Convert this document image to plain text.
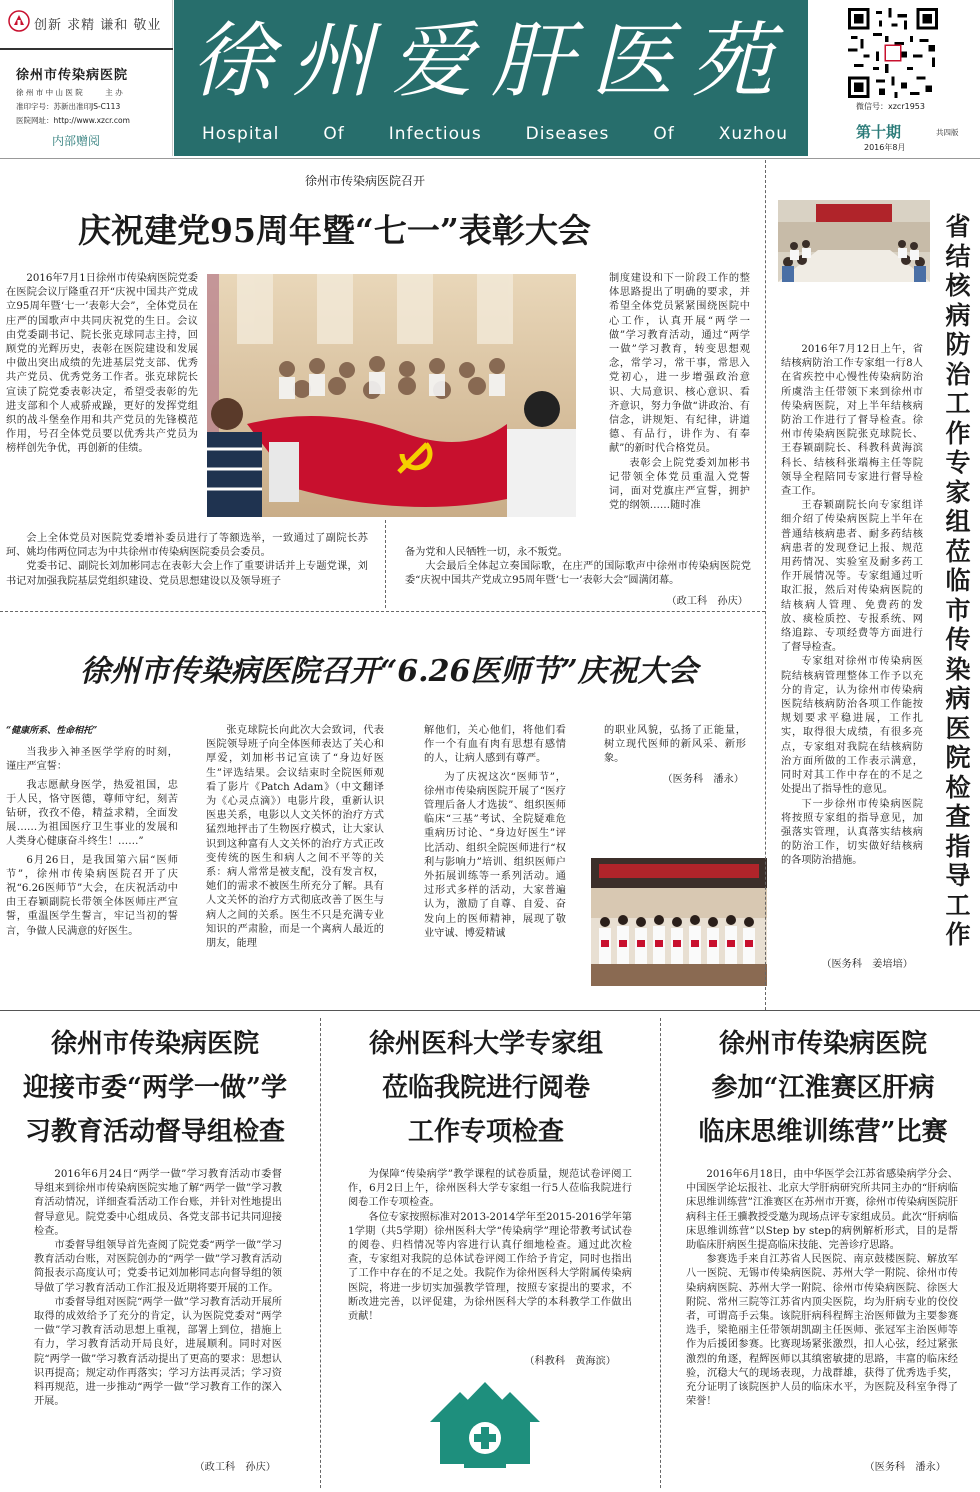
创新 求精 谦和 敬业
徐州市传染病医院
徐 州 市 中 山 医 院　　　主 办
准印字号：苏新出准印JS-C113
医院网址：http://www.xzcr.com
内部赠阅
徐州爱肝医苑
Hospital	Of	Infectious	Diseases	Of	Xuzhou
微信号：xzcr1953
第十期	共四版
2016年8月
徐州市传染病医院召开
庆祝建党95周年暨“七一”表彰大会

2016年7月1日徐州市传染病医院党委在医院会议厅隆重召开“庆祝中国共产党成立95周年暨‘七一’表彰大会”，全体党员在庄严的国歌声中共同庆祝党的生日。会议由党委副书记、院长张克球同志主持，回顾党的光辉历史，表彰在医院建设和发展中做出突出成绩的先进基层党支部、优秀共产党员、优秀党务工作者。张克球院长宣读了院党委表彰决定，希望受表彰的先进支部和个人戒骄戒躁，更好的发挥党组织的战斗堡垒作用和共产党员的先锋模范作用，号召全体党员要以优秀共产党员为榜样创先争优，再创新的佳绩。

会上全体党员对医院党委增补委员进行了等额选举，一致通过了副院长苏珂、姚均伟两位同志为中共徐州市传染病医院委员会委员。

党委书记、副院长刘加彬同志在表彰大会上作了重要讲话并上专题党课，刘书记对加强我院基层党组织建设、党员思想建设以及领导班子

制度建设和下一阶段工作的整体思路提出了明确的要求，并希望全体党员紧紧围绕医院中心工作，认真开展“两学一做”学习教育活动，通过“两学一做”学习教育，转变思想观念，常学习，常干事，常思入党初心，进一步增强政治意识、大局意识、核心意识、看齐意识，努力争做“讲政治、有信念，讲规矩、有纪律，讲道德、有品行，讲作为、有奉献”的新时代合格党员。

表彰会上院党委刘加彬书记带领全体党员重温入党誓词，面对党旗庄严宣誓，拥护党的纲领……随时准

备为党和人民牺牲一切，永不叛党。

大会最后全体起立奏国际歌，在庄严的国际歌声中徐州市传染病医院党委“庆祝中国共产党成立95周年暨‘七一’表彰大会”圆满闭幕。

（政工科　孙庆）
徐州市传染病医院召开“6.26医师节”庆祝大会

“健康所系、性命相托”

当我步入神圣医学学府的时刻，谨庄严宣誓：

我志愿献身医学，热爱祖国，忠于人民，恪守医德，尊师守纪，刻苦钻研，孜孜不倦，精益求精，全面发展……为祖国医疗卫生事业的发展和人类身心健康奋斗终生！……”

6月26日，是我国第六届“医师节”，徐州市传染病医院召开了庆祝“6.26医师节”大会，在庆祝活动中由王春颖副院长带领全体医师庄严宣誓，重温医学生誓言，牢记当初的誓言，争做人民满意的好医生。

张克球院长向此次大会致词，代表医院领导班子向全体医师表达了关心和厚爱，刘加彬书记宣读了“身边好医生”评选结果。会议结束时全院医师观看了影片《Patch Adam》（中文翻译为《心灵点滴》）电影片段，重新认识医患关系，电影以人文关怀的治疗方式猛烈地抨击了生物医疗模式，让大家认识到这种富有人文关怀的治疗方式正改变传统的医生和病人之间不平等的关系：病人常常是被支配，没有发言权，她们的需求不被医生所充分了解。具有人文关怀的治疗方式彻底改善了医生与病人之间的关系。医生不只是充满专业知识的严肃脸，而是一个离病人最近的朋友，能理

解他们，关心他们，将他们看作一个有血有肉有思想有感情的人，让病人感到有尊严。

为了庆祝这次“医师节”，徐州市传染病医院开展了“医疗管理后备人才选拔”、组织医师临床“三基”考试、全院疑难危重病历讨论、“身边好医生”评比活动、组织全院医师进行“权利与影响力”培训、组织医师户外拓展训练等一系列活动。通过形式多样的活动，大家普遍认为，激励了自尊、自爱、奋发向上的医师精神，展现了敬业守诚、博爱精诚

的职业风貌，弘扬了正能量，树立现代医师的新风采、新形象。

（医务科　潘永）
省结核病防治工作专家组莅临市传染病医院检查指导工作

2016年7月12日上午，省结核病防治工作专家组一行8人在省疾控中心慢性传染病防治所虞浩主任带领下来到徐州市传染病医院，对上半年结核病防治工作进行了督导检查。徐州市传染病医院张克球院长、王春颖副院长、科教科黄海滨科长、结核科张端梅主任等院领导全程陪同专家进行督导检查工作。

王春颖副院长向专家组详细介绍了传染病医院上半年在普通结核病患者、耐多药结核病患者的发现登记上报、规范用药情况、实验室及耐多药工作开展情况等。专家组通过听取汇报，然后对传染病医院的结核病人管理、免费药的发放、痰检质控、专报系统、网络追踪、专项经费等方面进行了督导检查。

专家组对徐州市传染病医院结核病管理整体工作予以充分的肯定，认为徐州市传染病医院结核病防治各项工作能按规划要求平稳进展，工作扎实，取得很大成绩，有很多亮点，专家组对我院在结核病防治方面所做的工作表示满意，同时对其工作中存在的不足之处提出了指导性的意见。

下一步徐州市传染病医院将按照专家组的指导意见，加强落实管理，认真落实结核病的防治工作，切实做好结核病的各项防治措施。

（医务科　姜培培）
徐州市传染病医院
迎接市委“两学一做”学
习教育活动督导组检查

2016年6月24日“两学一做”学习教育活动市委督导组来到徐州市传染病医院实地了解“两学一做”学习教育活动情况，详细查看活动工作台账，并针对性地提出督导意见。院党委中心组成员、各党支部书记共同迎接检查。

市委督导组领导首先查阅了院党委“两学一做”学习教育活动台账，对医院创办的“两学一做”学习教育活动简报表示高度认可；党委书记刘加彬同志向督导组的领导做了学习教育活动工作汇报及近期将要开展的工作。

市委督导组对医院“两学一做”学习教育活动开展所取得的成效给予了充分的肯定，认为医院党委对“两学一做”学习教育活动思想上重视，部署上到位，措施上有力，学习教育活动开局良好，进展顺利。同时对医院“两学一做”学习教育活动提出了更高的要求：思想认识再提高；规定动作再落实；学习方法再灵活；学习资料再规范，进一步推动“两学一做”学习教育工作的深入开展。

（政工科　孙庆）
徐州医科大学专家组
莅临我院进行阅卷
工作专项检查

为保障“传染病学”教学课程的试卷质量，规范试卷评阅工作，6月2日上午，徐州医科大学专家组一行5人莅临我院进行阅卷工作专项检查。

各位专家按照标准对2013-2014学年至2015-2016学年第1学期（共5学期）徐州医科大学“传染病学”理论带教考试试卷的阅卷、归档情况等内容进行认真仔细地检查。通过此次检查，专家组对我院的总体试卷评阅工作给予肯定，同时也指出了工作中存在的不足之处。我院作为徐州医科大学附属传染病医院，将进一步切实加强教学管理，按照专家提出的要求，不断改进完善，以评促建，为徐州医科大学的本科教学工作做出贡献！

（科教科　黄海滨）
徐州市传染病医院
参加“江淮赛区肝病
临床思维训练营”比赛

2016年6月18日，由中华医学会江苏省感染病学分会、中国医学论坛报社、北京大学肝病研究所共同主办的“肝病临床思维训练营”江淮赛区在苏州市开赛，徐州市传染病医院肝病科主任王骥教授受邀为现场点评专家组成员。此次“肝病临床思维训练营”以Step by step的病例解析形式，目的是帮助临床肝病医生提高临床技能、完善诊疗思路。

参赛选手来自江苏省人民医院、南京鼓楼医院、解放军八一医院、无锡市传染病医院、苏州大学一附院、徐州市传染病病医院、苏州大学一附院、徐州市传染病医院、徐医大附院、常州三院等江苏省内顶尖医院，均为肝病专业的佼佼者，可谓高手云集。该院肝病科程辉主治医师做为主要参赛选手，梁艳丽主任带领胡凯副主任医师、张冠军主治医师等作为后援团参赛。比赛现场紧张激烈，扣人心弦，经过紧张激烈的角逐，程辉医师以其缜密敏捷的思路，丰富的临床经验，沉稳大气的现场表现，力战群雄，获得了优秀选手奖，充分证明了该院医护人员的临床水平，为医院及科室争得了荣誉！

（医务科　潘永）
